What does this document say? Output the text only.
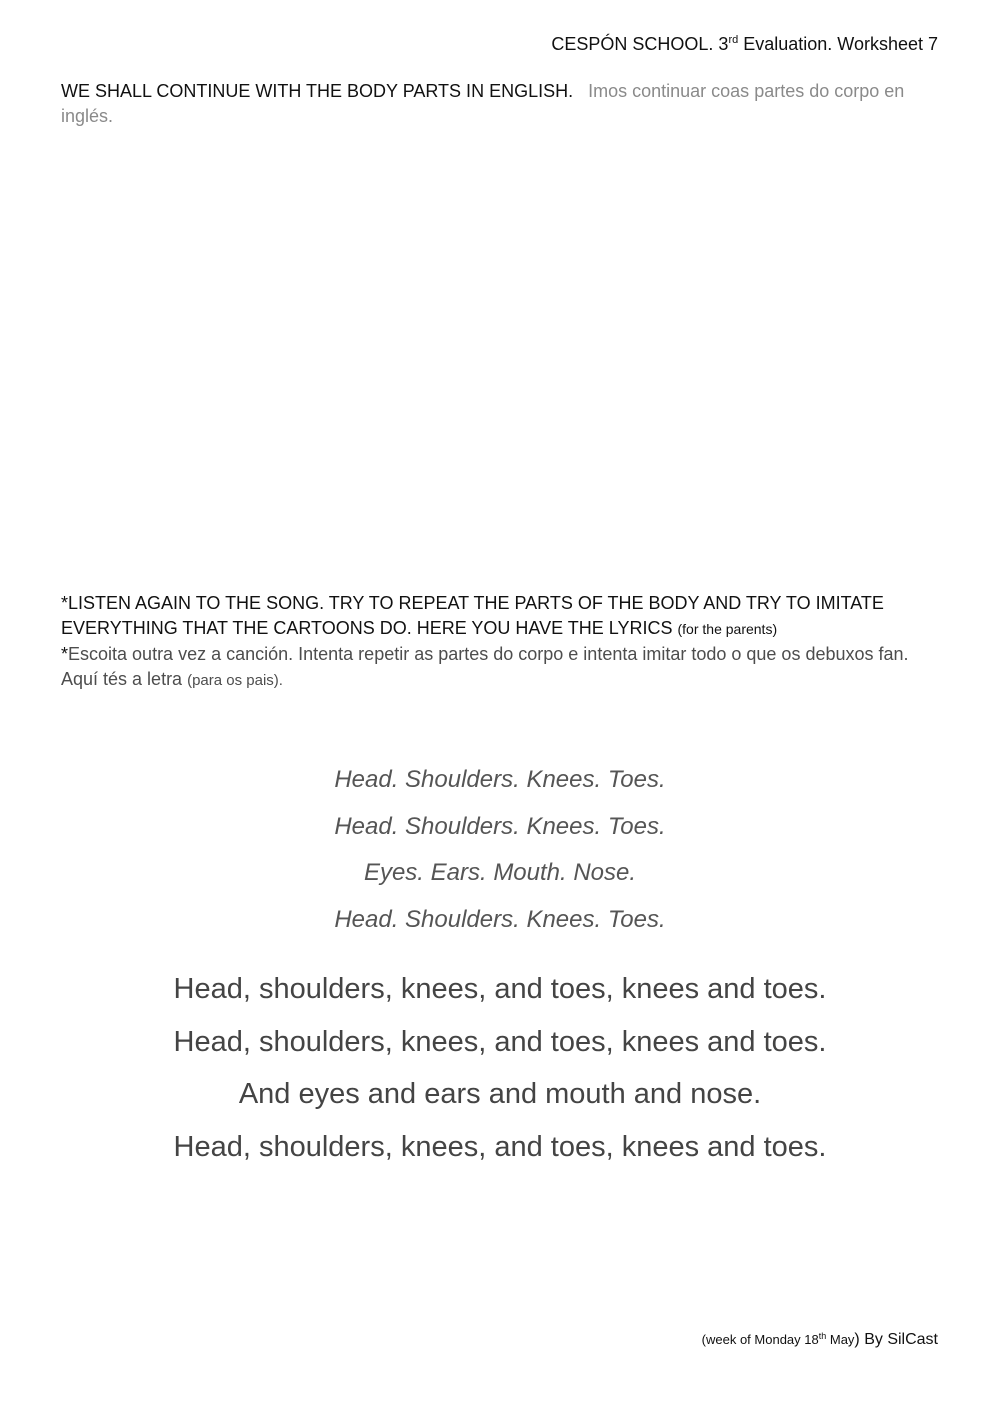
CESPÓN SCHOOL. 3rd Evaluation. Worksheet 7
WE SHALL CONTINUE WITH THE BODY PARTS IN ENGLISH. Imos continuar coas partes do corpo en inglés.
*LISTEN AGAIN TO THE SONG. TRY TO REPEAT THE PARTS OF THE BODY AND TRY TO IMITATE EVERYTHING THAT THE CARTOONS DO. HERE YOU HAVE THE LYRICS (for the parents)
*Escoita outra vez a canción. Intenta repetir as partes do corpo e intenta imitar todo o que os debuxos fan. Aquí tés a letra (para os pais).
Head. Shoulders. Knees. Toes.
Head. Shoulders. Knees. Toes.
Eyes. Ears. Mouth. Nose.
Head. Shoulders. Knees. Toes.
Head, shoulders, knees, and toes, knees and toes.
Head, shoulders, knees, and toes, knees and toes.
And eyes and ears and mouth and nose.
Head, shoulders, knees, and toes, knees and toes.
(week of Monday 18th May) By SilCast
